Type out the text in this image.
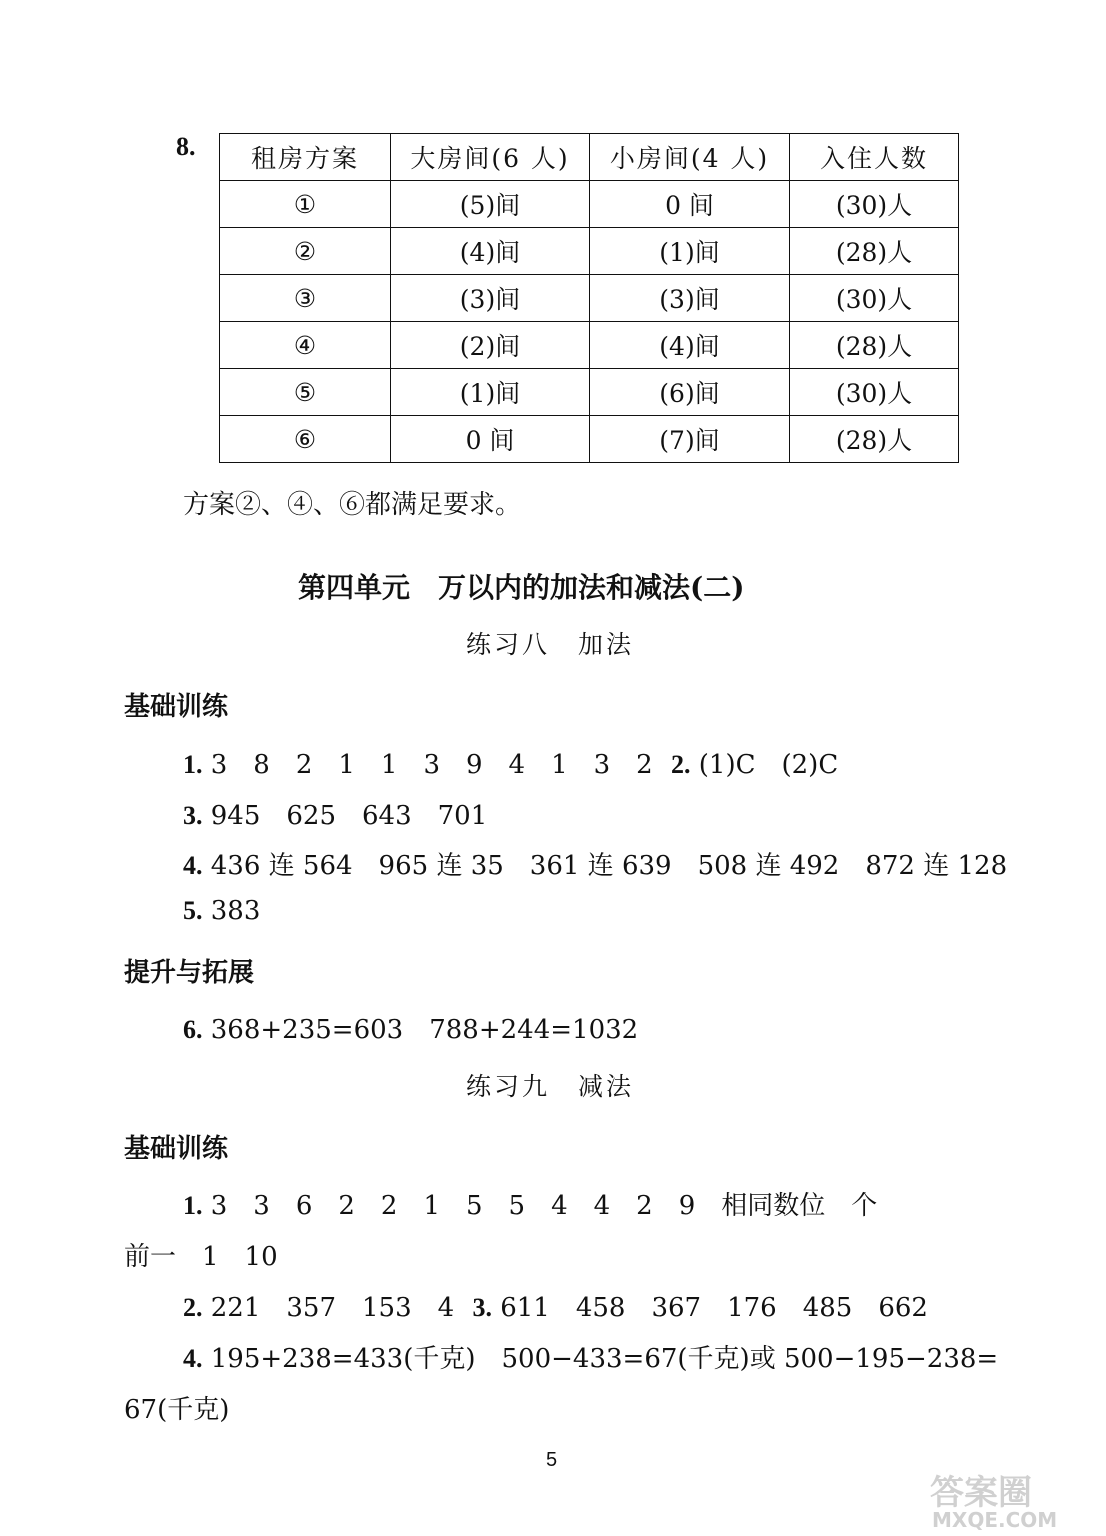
8. 租房方案	大房间(6 人)	小房间(4 人)	入住人数
①	(5)间	0 间	(30)人
②	(4)间	(1)间	(28)人
③	(3)间	(3)间	(30)人
④	(2)间	(4)间	(28)人
⑤	(1)间	(6)间	(30)人
⑥	0 间	(7)间	(28)人
方案②、④、⑥都满足要求。
第四单元　万以内的加法和减法(二)
练习八　加法
基础训练
1. 3　8　2　1　1　3　9　4　1　3　2 2. (1)C　(2)C
3. 945　625　643　701
4. 436 连 564　965 连 35　361 连 639　508 连 492　872 连 128
5. 383
提升与拓展
6. 368+235=603　788+244=1032
练习九　减法
基础训练
1. 3　3　6　2　2　1　5　5　4　4　2　9　相同数位　个
前一　1　10
2. 221　357　153　4 3. 611　458　367　176　485　662
4. 195+238=433(千克)　500−433=67(千克)或 500−195−238=
67(千克)
5
答案圈
MXQE.COM
